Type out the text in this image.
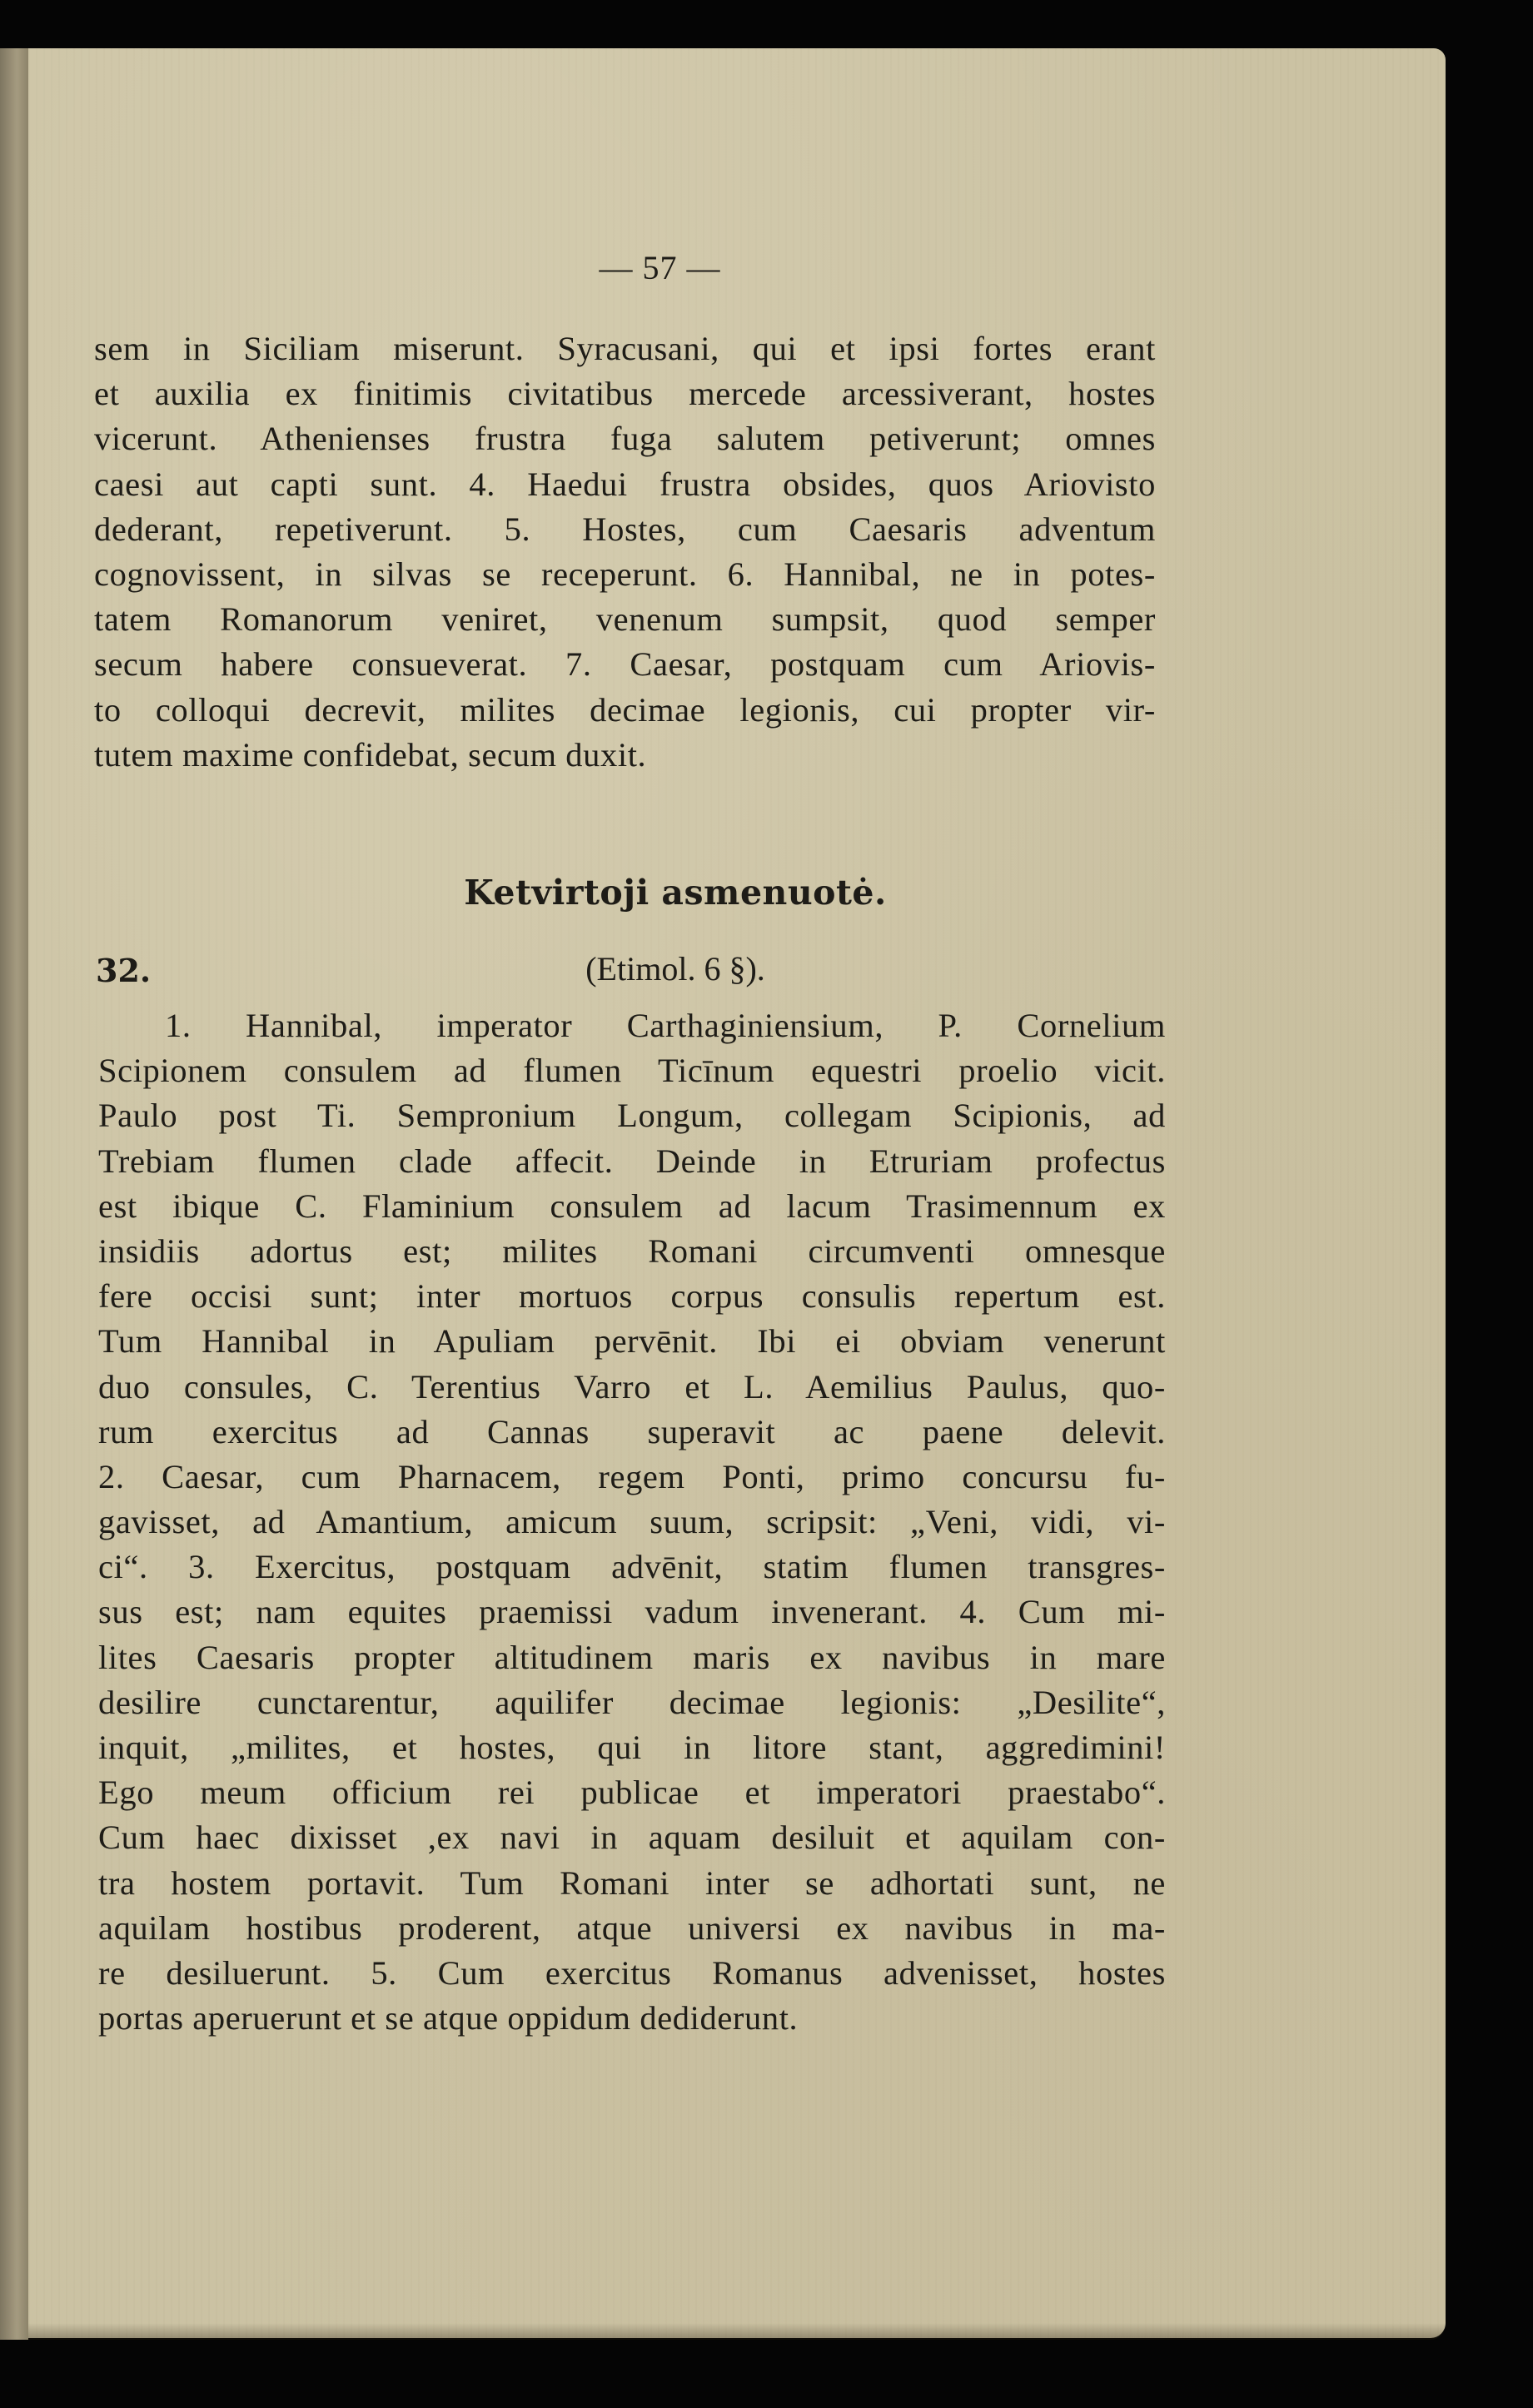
— 57 —
sem in Siciliam miserunt. Syracusani, qui et ipsi fortes erant
et auxilia ex finitimis civitatibus mercede arcessiverant, hostes
vicerunt. Athenienses frustra fuga salutem petiverunt; omnes
caesi aut capti sunt. 4. Haedui frustra obsides, quos Ariovisto
dederant, repetiverunt. 5. Hostes, cum Caesaris adventum
cognovissent, in silvas se receperunt. 6. Hannibal, ne in potes-
tatem Romanorum veniret, venenum sumpsit, quod semper
secum habere consueverat. 7. Caesar, postquam cum Ariovis-
to colloqui decrevit, milites decimae legionis, cui propter vir-
tutem maxime confidebat, secum duxit.
Ketvirtoji asmenuotė.
32.	(Etimol. 6 §).
1. Hannibal, imperator Carthaginiensium, P. Cornelium
Scipionem consulem ad flumen Ticīnum equestri proelio vicit.
Paulo post Ti. Sempronium Longum, collegam Scipionis, ad
Trebiam flumen clade affecit. Deinde in Etruriam profectus
est ibique C. Flaminium consulem ad lacum Trasimennum ex
insidiis adortus est; milites Romani circumventi omnesque
fere occisi sunt; inter mortuos corpus consulis repertum est.
Tum Hannibal in Apuliam pervēnit. Ibi ei obviam venerunt
duo consules, C. Terentius Varro et L. Aemilius Paulus, quo-
rum exercitus ad Cannas superavit ac paene delevit.
2. Caesar, cum Pharnacem, regem Ponti, primo concursu fu-
gavisset, ad Amantium, amicum suum, scripsit: „Veni, vidi, vi-
ci“. 3. Exercitus, postquam advēnit, statim flumen transgres-
sus est; nam equites praemissi vadum invenerant. 4. Cum mi-
lites Caesaris propter altitudinem maris ex navibus in mare
desilire cunctarentur, aquilifer decimae legionis: „Desilite“,
inquit, „milites, et hostes, qui in litore stant, aggredimini!
Ego meum officium rei publicae et imperatori praestabo“.
Cum haec dixisset ,ex navi in aquam desiluit et aquilam con-
tra hostem portavit. Tum Romani inter se adhortati sunt, ne
aquilam hostibus proderent, atque universi ex navibus in ma-
re desiluerunt. 5. Cum exercitus Romanus advenisset, hostes
portas aperuerunt et se atque oppidum dediderunt.
